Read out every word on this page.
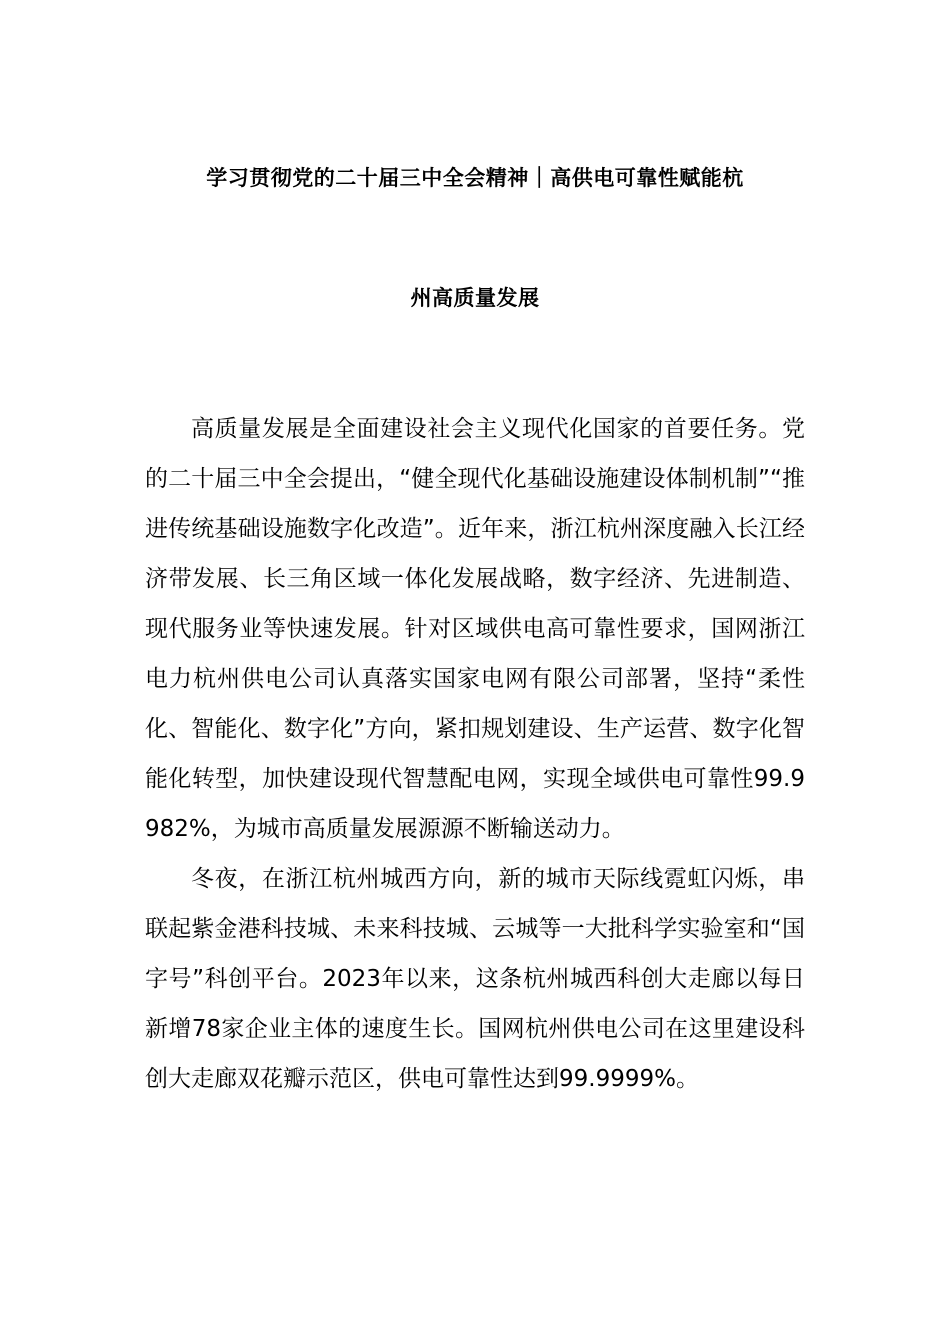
学习贯彻党的二十届三中全会精神｜高供电可靠性赋能杭
州高质量发展

高质量发展是全面建设社会主义现代化国家的首要任务。党的二十届三中全会提出，“健全现代化基础设施建设体制机制”“推进传统基础设施数字化改造”。近年来，浙江杭州深度融入长江经济带发展、长三角区域一体化发展战略，数字经济、先进制造、现代服务业等快速发展。针对区域供电高可靠性要求，国网浙江电力杭州供电公司认真落实国家电网有限公司部署，坚持“柔性化、智能化、数字化”方向，紧扣规划建设、生产运营、数字化智能化转型，加快建设现代智慧配电网，实现全域供电可靠性99.9982%，为城市高质量发展源源不断输送动力。

冬夜，在浙江杭州城西方向，新的城市天际线霓虹闪烁，串联起紫金港科技城、未来科技城、云城等一大批科学实验室和“国字号”科创平台。2023年以来，这条杭州城西科创大走廊以每日新增78家企业主体的速度生长。国网杭州供电公司在这里建设科创大走廊双花瓣示范区，供电可靠性达到99.9999%。
